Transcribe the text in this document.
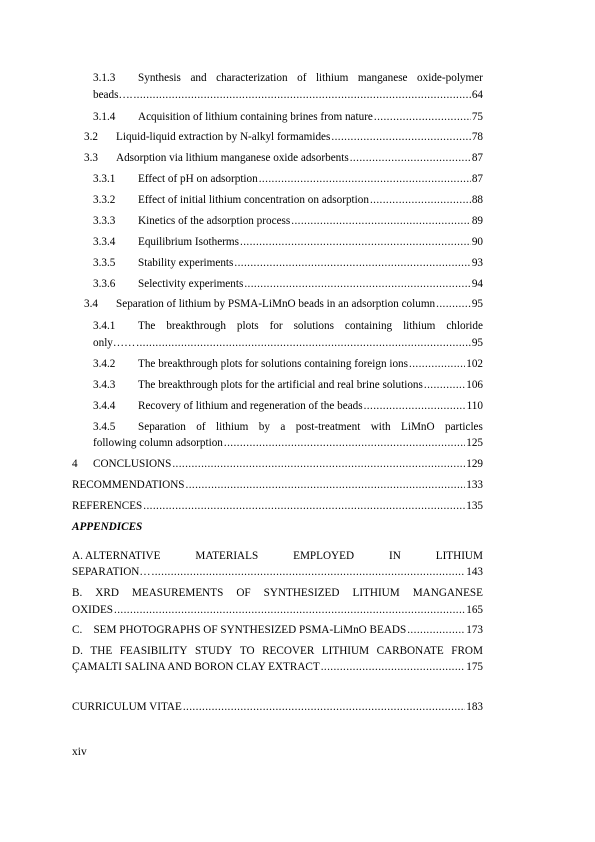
3.1.3 Synthesis and characterization of lithium manganese oxide-polymer
beads…. . . .	64
3.1.4	Acquisition of lithium containing brines from nature . . .	75
3.2	Liquid-liquid extraction by N-alkyl formamides . . .	78
3.3	Adsorption via lithium manganese oxide adsorbents . . .	87
3.3.1	Effect of pH on adsorption . . .	87
3.3.2	Effect of initial lithium concentration on adsorption . . .	88
3.3.3	Kinetics of the adsorption process . . .	89
3.3.4	Equilibrium Isotherms . . .	90
3.3.5	Stability experiments . . .	93
3.3.6	Selectivity experiments . . .	94
3.4	Separation of lithium by PSMA-LiMnO beads in an adsorption column . . .	95
3.4.1 The breakthrough plots for solutions containing lithium chloride
only…… . . .	95
3.4.2	The breakthrough plots for solutions containing foreign ions . . .	102
3.4.3	The breakthrough plots for the artificial and real brine solutions . . .	106
3.4.4	Recovery of lithium and regeneration of the beads . . .	110
3.4.5 Separation of lithium by a post-treatment with LiMnO particles
following column adsorption . . .	125
4	CONCLUSIONS . . .	129
RECOMMENDATIONS . . .	133
REFERENCES . . .	135
APPENDICES
A. ALTERNATIVE	MATERIALS	EMPLOYED	IN	LITHIUM
SEPARATION… . . .	143
B. XRD MEASUREMENTS OF SYNTHESIZED LITHIUM MANGANESE
OXIDES . . .	165
C.    SEM PHOTOGRAPHS OF SYNTHESIZED PSMA-LiMnO BEADS . . .	173
D. THE FEASIBILITY STUDY TO RECOVER LITHIUM CARBONATE FROM
ÇAMALTI SALINA AND BORON CLAY EXTRACT . . .	175
CURRICULUM VITAE . . .	183
xiv
